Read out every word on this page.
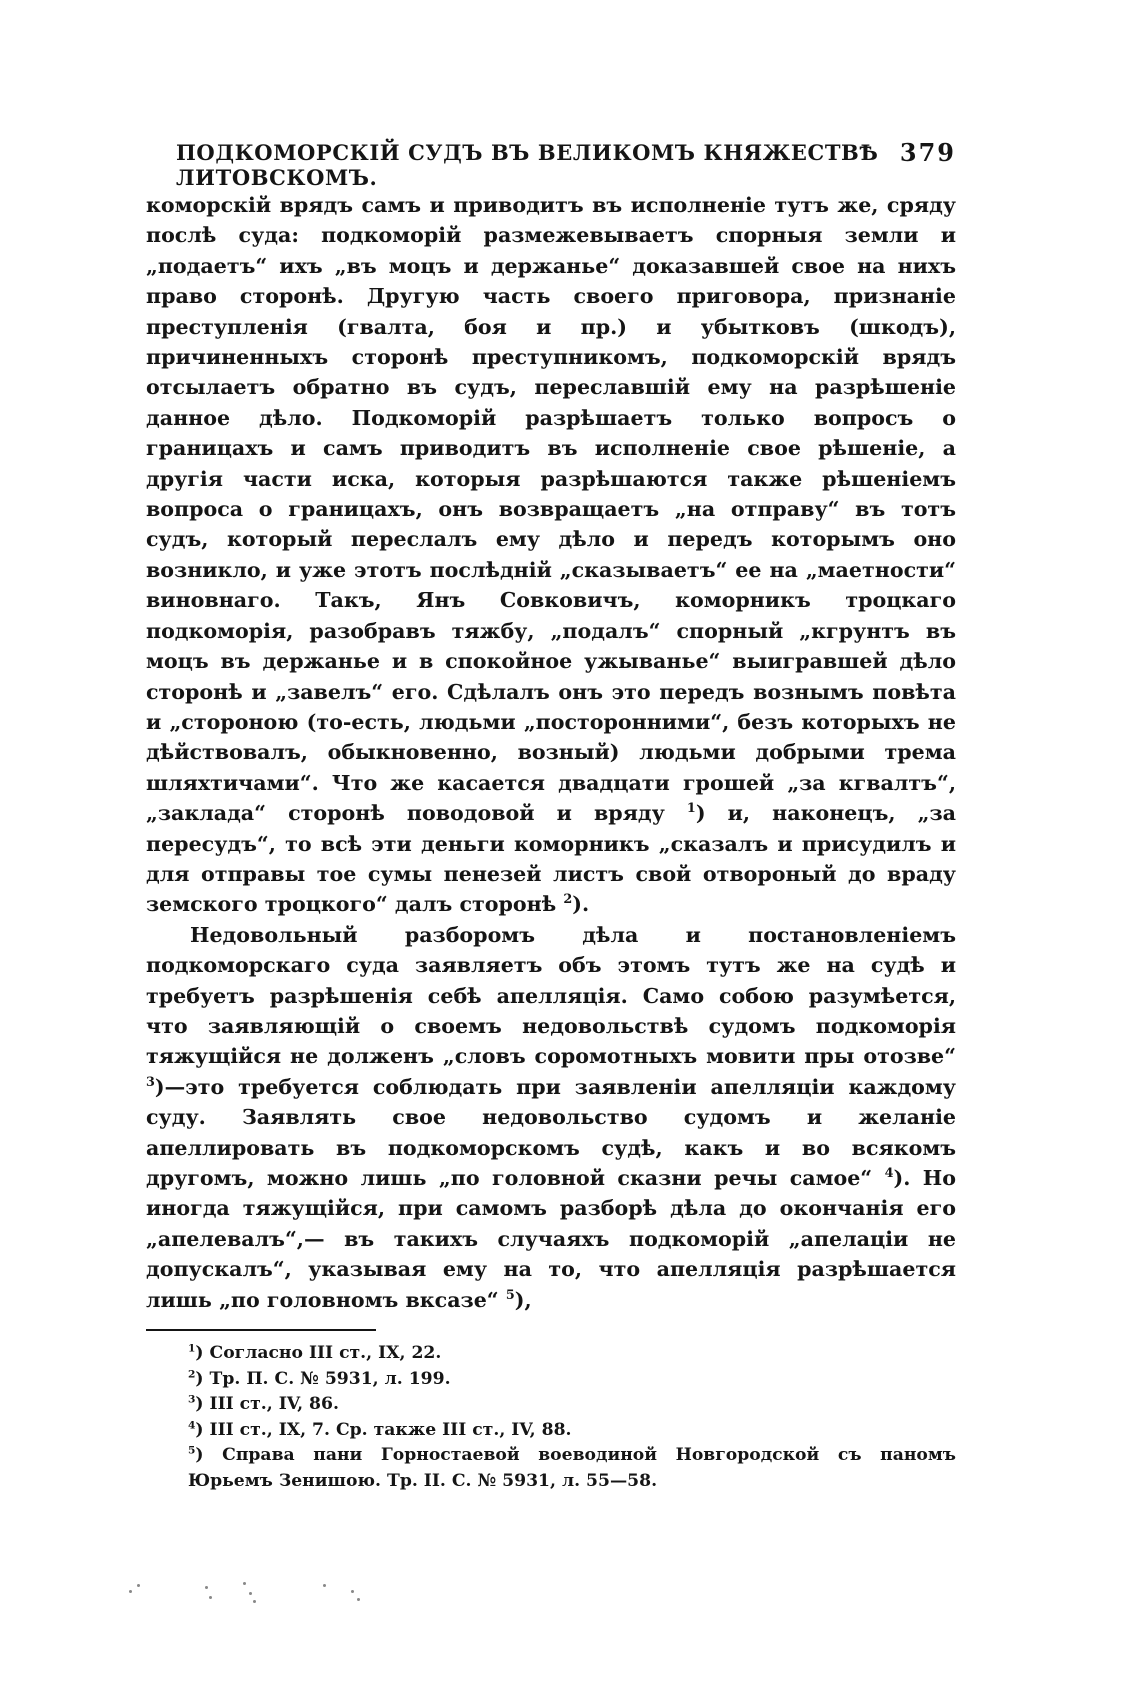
ПОДКОМОРСКІЙ СУДЪ ВЪ ВЕЛИКОМЪ КНЯЖЕСТВѢ ЛИТОВСКОМЪ.
379

коморскій врядъ самъ и приводитъ въ исполненіе тутъ же, сряду послѣ суда: подкоморій размежевываетъ спорныя земли и „подаетъ“ ихъ „въ моцъ и держанье“ доказавшей свое на нихъ право сторонѣ. Другую часть своего приговора, признаніе преступленія (гвалта, боя и пр.) и убытковъ (шкодъ), причиненныхъ сторонѣ преступникомъ, подкоморскій врядъ отсылаетъ обратно въ судъ, переславшій ему на разрѣшеніе данное дѣло. Подкоморій разрѣшаетъ только вопросъ о границахъ и самъ приводитъ въ исполненіе свое рѣшеніе, а другія части иска, которыя разрѣшаются также рѣшеніемъ вопроса о границахъ, онъ возвращаетъ „на отправу“ въ тотъ судъ, который переслалъ ему дѣло и передъ которымъ оно возникло, и уже этотъ послѣдній „сказываетъ“ ее на „маетности“ виновнаго. Такъ, Янъ Совковичъ, коморникъ троцкаго подкоморія, разобравъ тяжбу, „подалъ“ спорный „кгрунтъ въ моцъ въ держанье и в спокойное ужыванье“ выигравшей дѣло сторонѣ и „завелъ“ его. Сдѣлалъ онъ это передъ вознымъ повѣта и „стороною (то-есть, людьми „посторонними“, безъ которыхъ не дѣйствовалъ, обыкновенно, возный) людьми добрыми трема шляхтичами“. Что же касается двадцати грошей „за кгвалтъ“, „заклада“ сторонѣ поводовой и вряду $^1$) и, наконецъ, „за пересудъ“, то всѣ эти деньги коморникъ „сказалъ и присудилъ и для отправы тое сумы пенезей листъ свой отвороный до враду земского троцкого“ далъ сторонѣ $^2$).

Недовольный разборомъ дѣла и постановленіемъ подкоморскаго суда заявляетъ объ этомъ тутъ же на судѣ и требуетъ разрѣшенія себѣ апелляція. Само собою разумѣется, что заявляющій о своемъ недовольствѣ судомъ подкоморія тяжущійся не долженъ „словъ соромотныхъ мовити пры отозве“ $^3$)—это требуется соблюдать при заявленіи апелляціи каждому суду. Заявлять свое недовольство судомъ и желаніе апеллировать въ подкоморскомъ судѣ, какъ и во всякомъ другомъ, можно лишь „по головной сказни речы самое“ $^4$). Но иногда тяжущійся, при самомъ разборѣ дѣла до окончанія его „апелевалъ“,— въ такихъ случаяхъ подкоморій „апелаціи не допускалъ“, указывая ему на то, что апелляція разрѣшается лишь „по головномъ вксазе“ $^5$),

$^1$) Согласно III ст., IX, 22.
$^2$) Тр. П. С. № 5931, л. 199.
$^3$) III ст., IV, 86.
$^4$) III ст., IX, 7. Ср. также III ст., IV, 88.
$^5$) Справа пани Горностаевой воеводиной Новгородской съ паномъ Юрьемъ Зенишою. Тр. II. С. № 5931, л. 55—58.
